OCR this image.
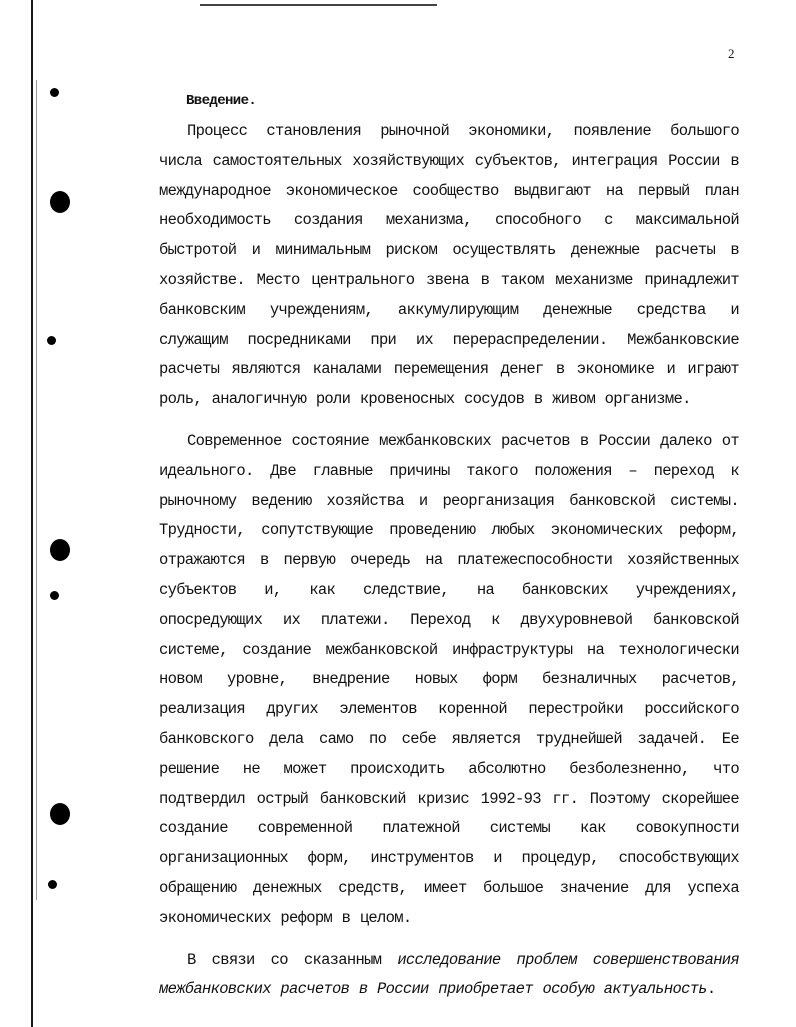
2
Введение.

Процесс становления рыночной экономики, появление большого числа самостоятельных хозяйствующих субъектов, интеграция России в международное экономическое сообщество выдвигают на первый план необходимость создания механизма, способного с максимальной быстротой и минимальным риском осуществлять денежные расчеты в хозяйстве. Место центрального звена в таком механизме принадлежит банковским учреждениям, аккумулирующим денежные средства и служащим посредниками при их перераспределении. Межбанковские расчеты являются каналами перемещения денег в экономике и играют роль, аналогичную роли кровеносных сосудов в живом организме.

Современное состояние межбанковских расчетов в России далеко от идеального. Две главные причины такого положения – переход к рыночному ведению хозяйства и реорганизация банковской системы. Трудности, сопутствующие проведению любых экономических реформ, отражаются в первую очередь на платежеспособности хозяйственных субъектов и, как следствие, на банковских учреждениях, опосредующих их платежи. Переход к двухуровневой банковской системе, создание межбанковской инфраструктуры на технологически новом уровне, внедрение новых форм безналичных расчетов, реализация других элементов коренной перестройки российского банковского дела само по себе является труднейшей задачей. Ее решение не может происходить абсолютно безболезненно, что подтвердил острый банковский кризис 1992-93 гг. Поэтому скорейшее создание современной платежной системы как совокупности организационных форм, инструментов и процедур, способствующих обращению денежных средств, имеет большое значение для успеха экономических реформ в целом.

В связи со сказанным исследование проблем совершенствования межбанковских расчетов в России приобретает особую актуальность.
